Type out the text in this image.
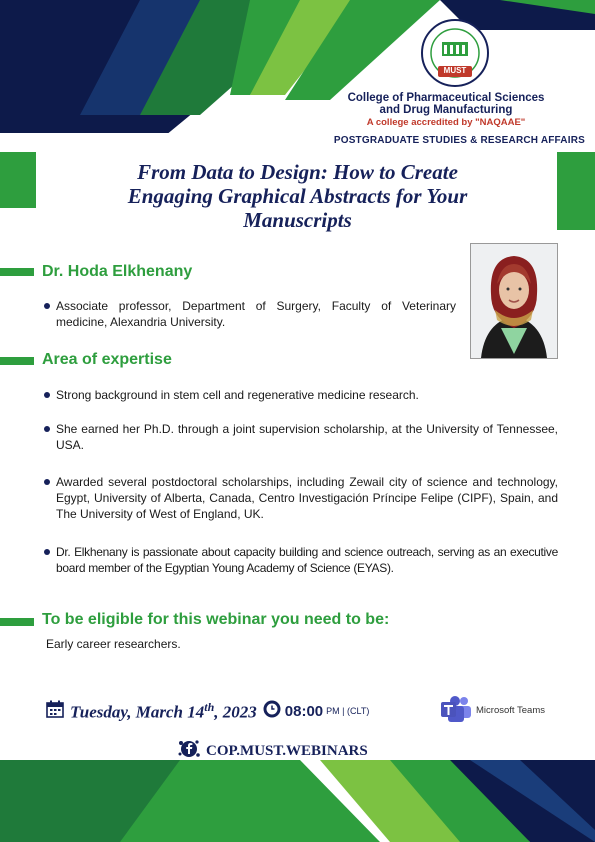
MUST
College of Pharmaceutical Sciences
and Drug Manufacturing
A college accredited by "NAQAAE"
POSTGRADUATE STUDIES & RESEARCH AFFAIRS
From Data to Design: How to Create
Engaging Graphical Abstracts for Your
Manuscripts
Dr. Hoda Elkhenany
Associate professor, Department of Surgery, Faculty of Veterinary medicine, Alexandria University.
Area of expertise
Strong background in stem cell and regenerative medicine research.
She earned her Ph.D. through a joint supervision scholarship, at the University of Tennessee, USA.
Awarded several postdoctoral scholarships, including Zewail city of science and technology, Egypt, University of Alberta, Canada, Centro Investigación Príncipe Felipe (CIPF), Spain, and The University of West of England, UK.
Dr. Elkhenany is passionate about capacity building and science outreach, serving as an executive board member of the Egyptian Young Academy of Science (EYAS).
To be eligible for this webinar you need to be:
Early career researchers.
Tuesday, March 14th, 2023 08:00 PM | (CLT)	Microsoft Teams
COP.MUST.WEBINARS
